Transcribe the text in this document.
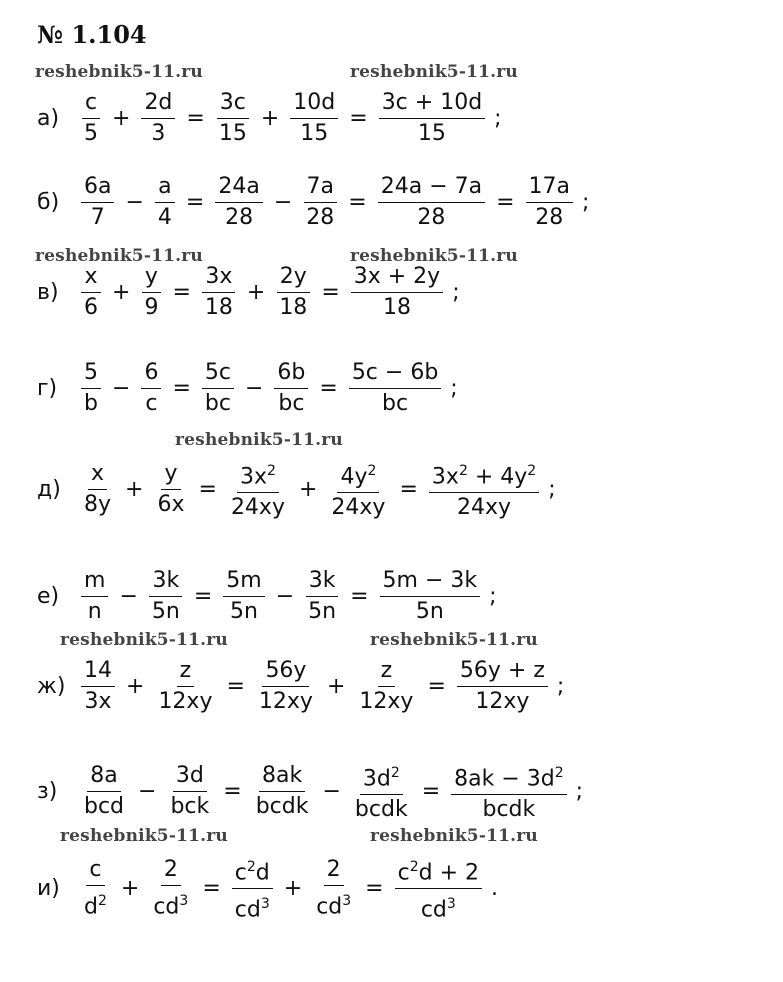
№ 1.104
reshebnik5-11.ru	reshebnik5-11.ru
reshebnik5-11.ru	reshebnik5-11.ru
reshebnik5-11.ru
reshebnik5-11.ru	reshebnik5-11.ru
reshebnik5-11.ru	reshebnik5-11.ru
$а) \frac{c}{5} + \frac{2d}{3} = \frac{3c}{15} + \frac{10d}{15} = \frac{3c + 10d}{15}$ ;
$б) \frac{6a}{7} - \frac{a}{4} = \frac{24a}{28} - \frac{7a}{28} = \frac{24a - 7a}{28} = \frac{17a}{28}$ ;
в)	$\frac{x}{6} + \frac{y}{9} = \frac{3x}{18} + \frac{2y}{18} = \frac{3x + 2y}{18}$ ;
г)	$\frac{5}{b} - \frac{6}{c} = \frac{5c}{bc} - \frac{6b}{bc} = \frac{5c - 6b}{bc}$ ;
$д) \frac{x}{8y} + \frac{y}{6x} = \frac{3x^2}{24xy} + \frac{4y^2}{24xy} = \frac{3x^2 + 4y^2}{24xy}$ ;
$е) \frac{m}{n} - \frac{3k}{5n} = \frac{5m}{5n} - \frac{3k}{5n} = \frac{5m - 3k}{5n}$ ;
$ж) \frac{14}{3x} + \frac{z}{12xy} = \frac{56y}{12xy} + \frac{z}{12xy} = \frac{56y + z}{12xy}$ ;
з)	$\frac{8a}{\text{bcd}} - \frac{3d}{\text{bck}} = \frac{8ak}{\text{bcdk}} - \frac{3d^2}{\text{bcdk}} = \frac{8ak - 3d^2}{\text{bcdk}}$ ;
$и) \frac{c}{d^2} + \frac{2}{cd^3} = \frac{c^2d}{cd^3} + \frac{2}{cd^3} = \frac{c^2d + 2}{cd^3}$ .
